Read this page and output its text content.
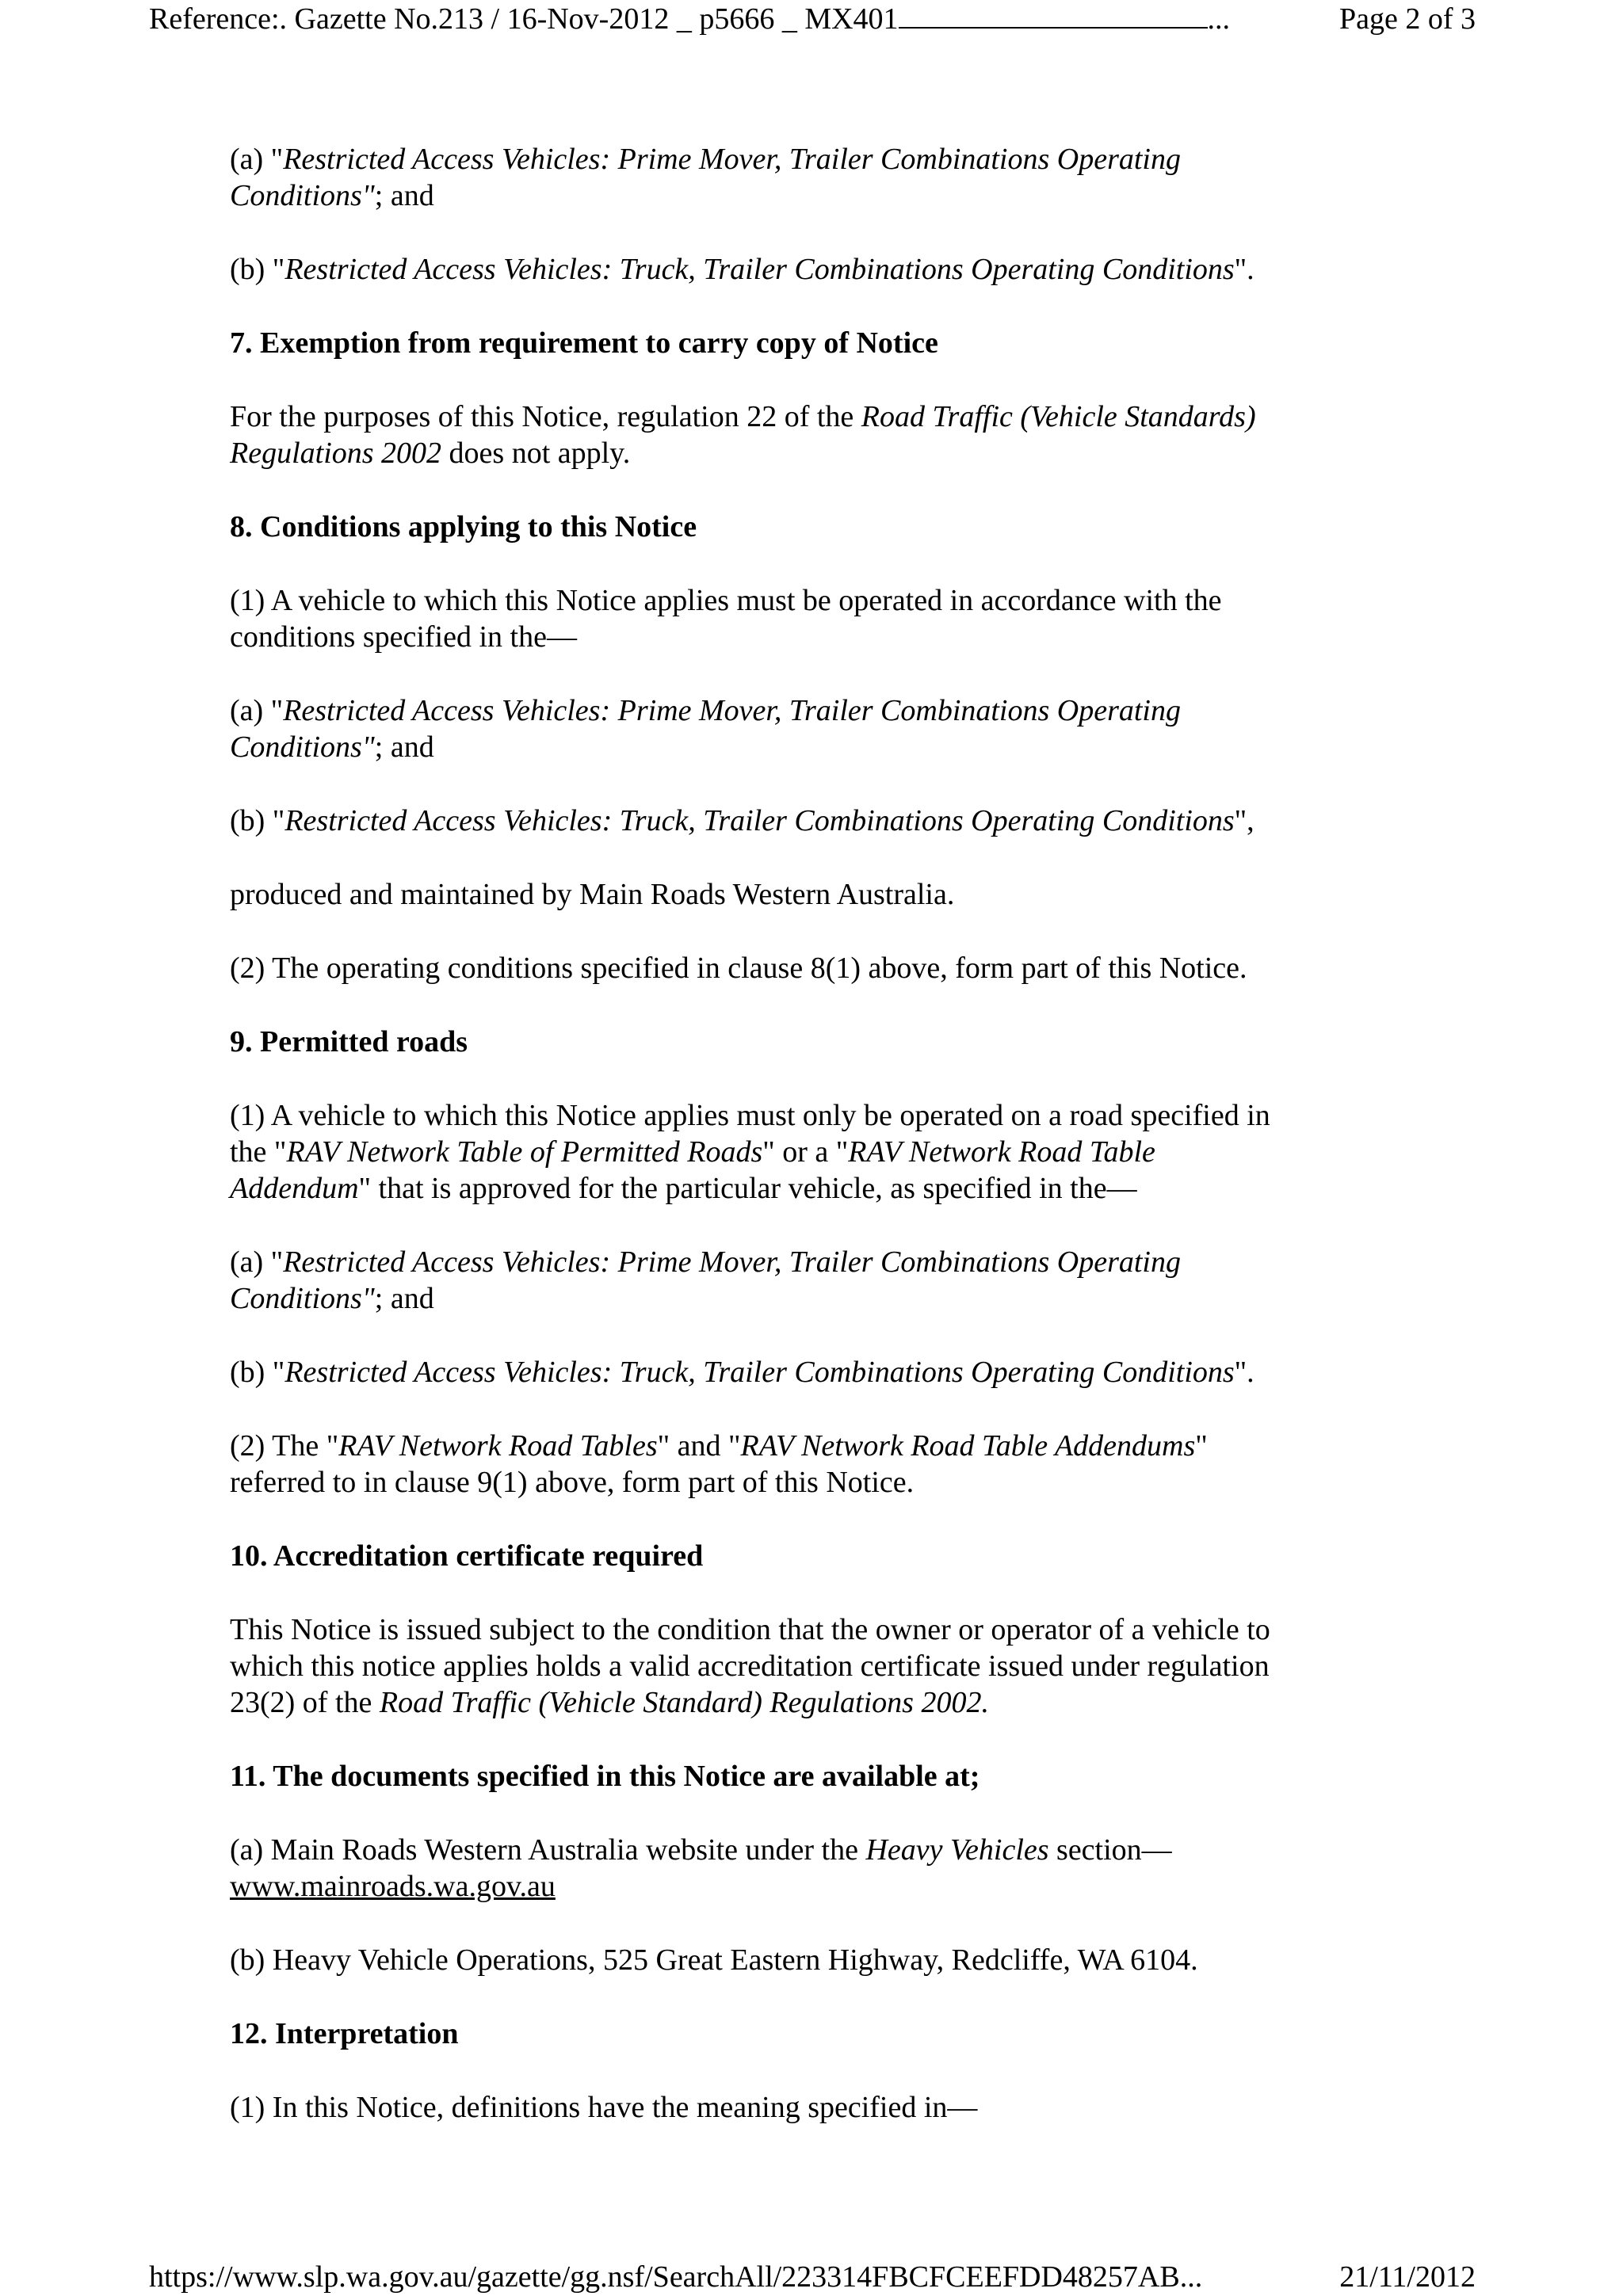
Reference:. Gazette No.213 / 16-Nov-2012 _ p5666 _ MX401	...	Page 2 of 3

(a) "Restricted Access Vehicles: Prime Mover, Trailer Combinations Operating
Conditions"; and

(b) "Restricted Access Vehicles: Truck, Trailer Combinations Operating Conditions".

7. Exemption from requirement to carry copy of Notice

For the purposes of this Notice, regulation 22 of the Road Traffic (Vehicle Standards)
Regulations 2002 does not apply.

8. Conditions applying to this Notice

(1) A vehicle to which this Notice applies must be operated in accordance with the
conditions specified in the—

(a) "Restricted Access Vehicles: Prime Mover, Trailer Combinations Operating
Conditions"; and

(b) "Restricted Access Vehicles: Truck, Trailer Combinations Operating Conditions",

produced and maintained by Main Roads Western Australia.

(2) The operating conditions specified in clause 8(1) above, form part of this Notice.

9. Permitted roads

(1) A vehicle to which this Notice applies must only be operated on a road specified in
the "RAV Network Table of Permitted Roads" or a "RAV Network Road Table
Addendum" that is approved for the particular vehicle, as specified in the—

(a) "Restricted Access Vehicles: Prime Mover, Trailer Combinations Operating
Conditions"; and

(b) "Restricted Access Vehicles: Truck, Trailer Combinations Operating Conditions".

(2) The "RAV Network Road Tables" and "RAV Network Road Table Addendums"
referred to in clause 9(1) above, form part of this Notice.

10. Accreditation certificate required

This Notice is issued subject to the condition that the owner or operator of a vehicle to
which this notice applies holds a valid accreditation certificate issued under regulation
23(2) of the Road Traffic (Vehicle Standard) Regulations 2002.

11. The documents specified in this Notice are available at;

(a) Main Roads Western Australia website under the Heavy Vehicles section—
www.mainroads.wa.gov.au

(b) Heavy Vehicle Operations, 525 Great Eastern Highway, Redcliffe, WA 6104.

12. Interpretation

(1) In this Notice, definitions have the meaning specified in—

https://www.slp.wa.gov.au/gazette/gg.nsf/SearchAll/223314FBCFCEEFDD48257AB...	21/11/2012
